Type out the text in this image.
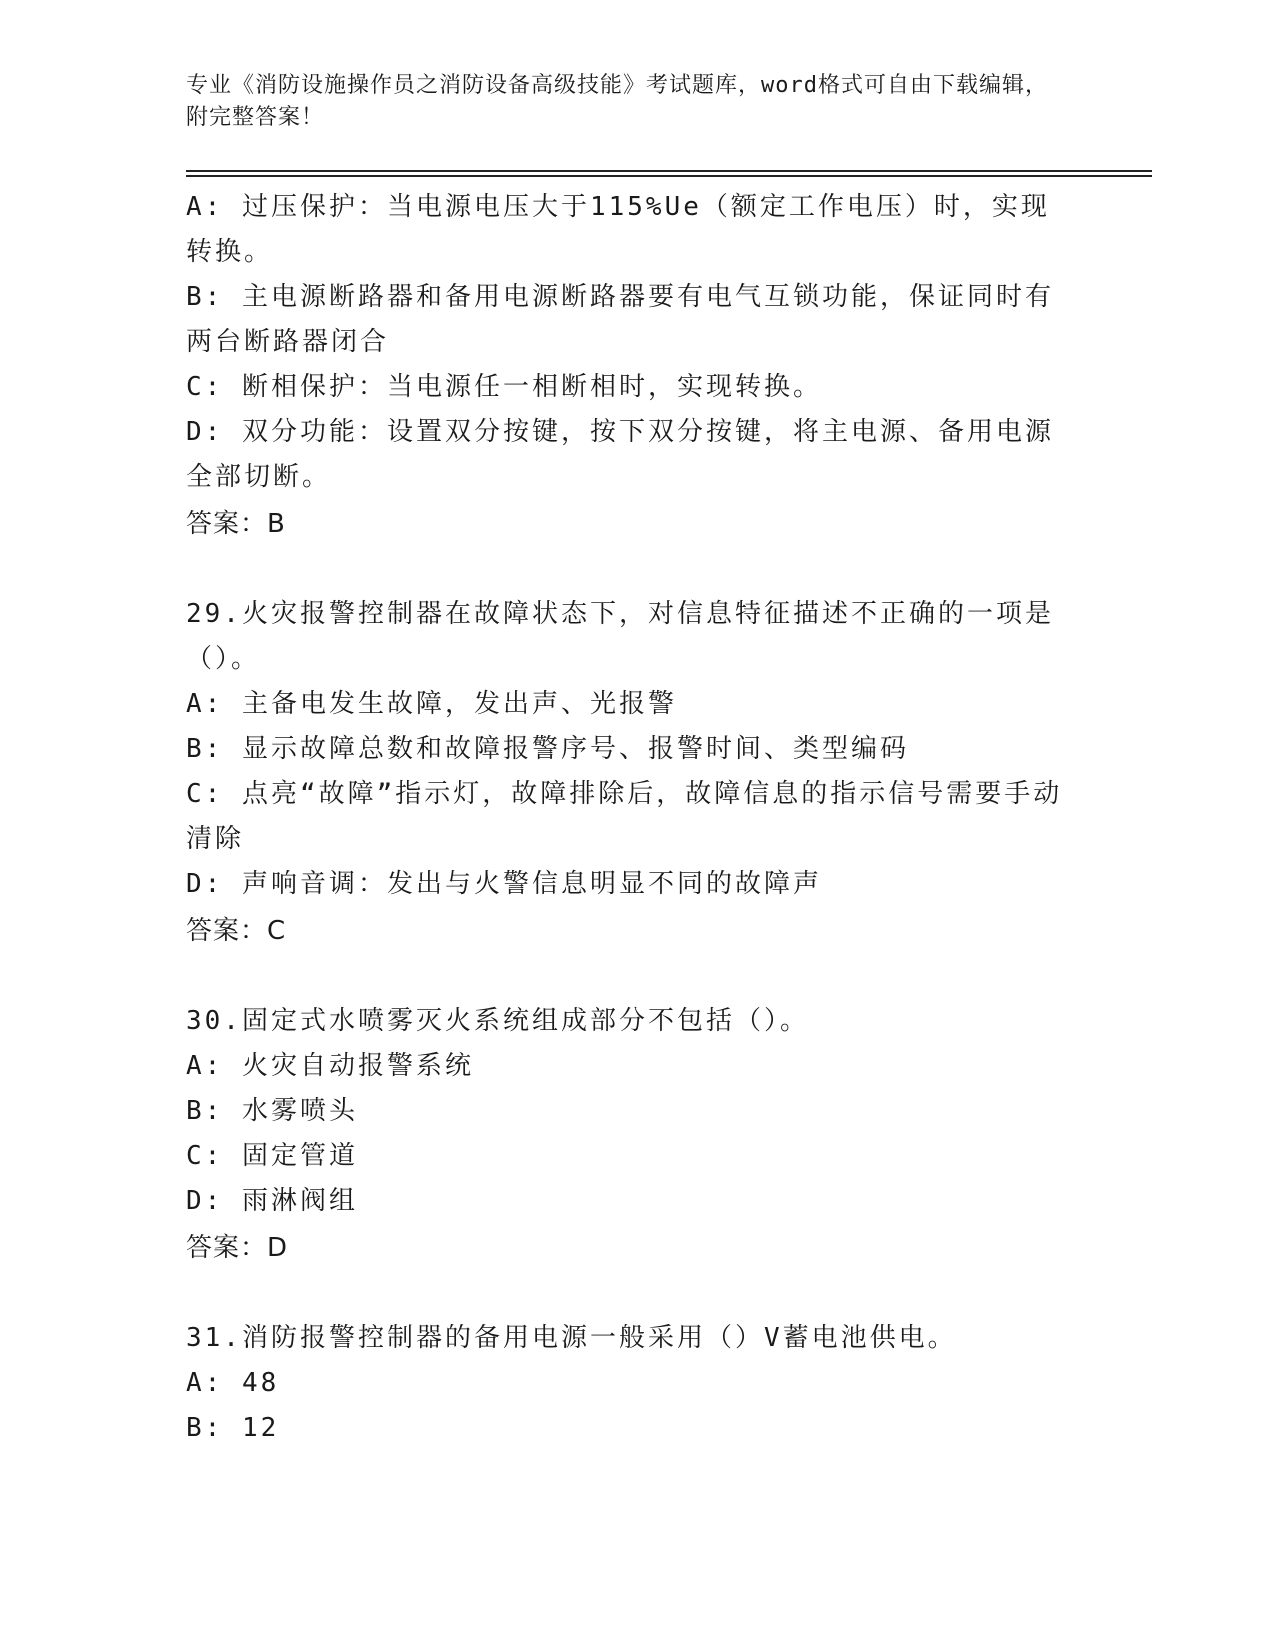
专业《消防设施操作员之消防设备高级技能》考试题库，word格式可自由下载编辑，附完整答案！

A: 过压保护：当电源电压大于115%Ue（额定工作电压）时，实现转换。

B: 主电源断路器和备用电源断路器要有电气互锁功能，保证同时有两台断路器闭合

C: 断相保护：当电源任一相断相时，实现转换。

D: 双分功能：设置双分按键，按下双分按键，将主电源、备用电源全部切断。

答案：B

29.火灾报警控制器在故障状态下，对信息特征描述不正确的一项是（）。

A: 主备电发生故障，发出声、光报警

B: 显示故障总数和故障报警序号、报警时间、类型编码

C: 点亮“故障”指示灯，故障排除后，故障信息的指示信号需要手动清除

D: 声响音调：发出与火警信息明显不同的故障声

答案：C

30.固定式水喷雾灭火系统组成部分不包括（）。

A: 火灾自动报警系统

B: 水雾喷头

C: 固定管道

D: 雨淋阀组

答案：D

31.消防报警控制器的备用电源一般采用（）V蓄电池供电。

A: 48

B: 12
